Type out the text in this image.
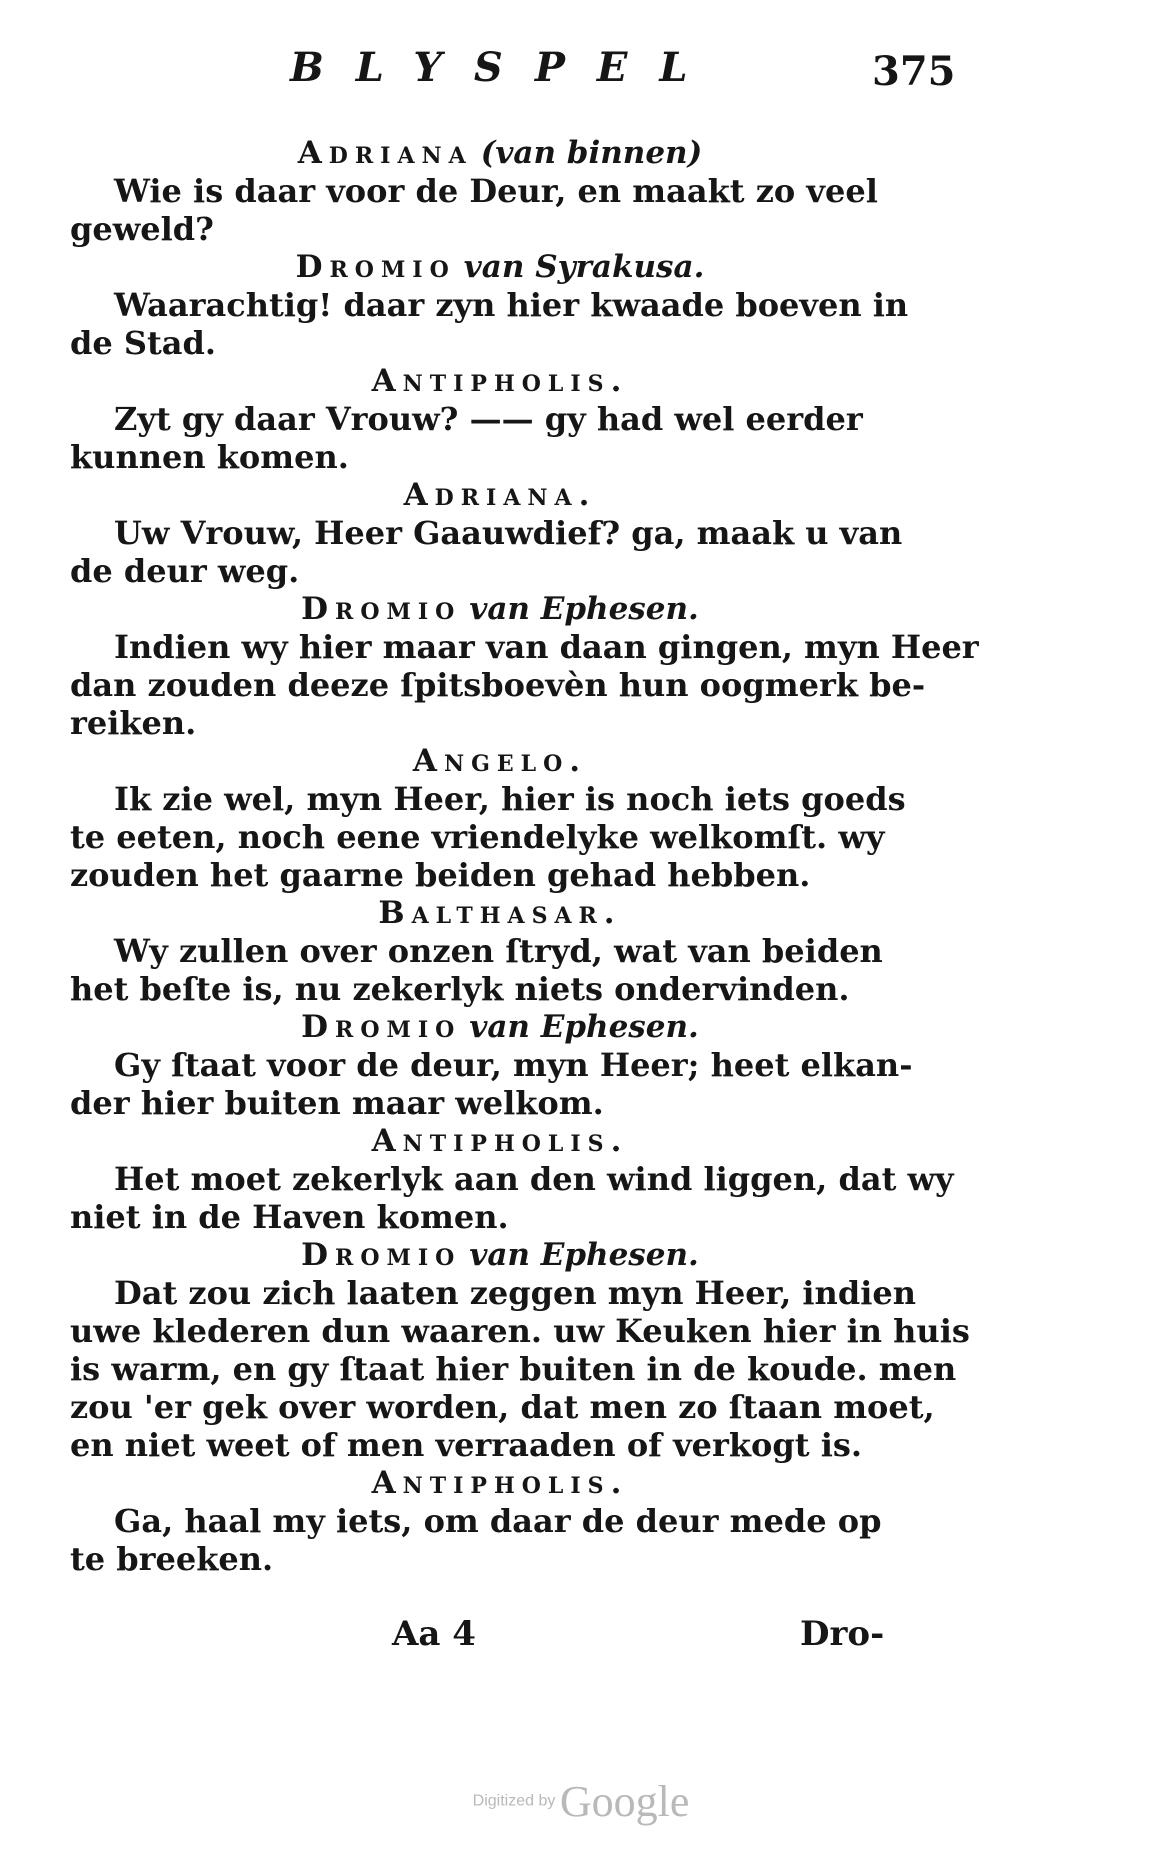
BLYSPEL	375

Adriana (van binnen)

Wie is daar voor de Deur, en maakt zo veel
geweld?

Dromio van Syrakusa.

Waarachtig! daar zyn hier kwaade boeven in
de Stad.

Antipholis.

Zyt gy daar Vrouw? —— gy had wel eerder
kunnen komen.

Adriana.

Uw Vrouw, Heer Gaauwdief? ga, maak u van
de deur weg.

Dromio van Ephesen.

Indien wy hier maar van daan gingen, myn Heer
dan zouden deeze ſpitsboevèn hun oogmerk be-
reiken.

Angelo.

Ik zie wel, myn Heer, hier is noch iets goeds
te eeten, noch eene vriendelyke welkomſt. wy
zouden het gaarne beiden gehad hebben.

Balthasar.

Wy zullen over onzen ſtryd, wat van beiden
het beſte is, nu zekerlyk niets ondervinden.

Dromio van Ephesen.

Gy ſtaat voor de deur, myn Heer; heet elkan-
der hier buiten maar welkom.

Antipholis.

Het moet zekerlyk aan den wind liggen, dat wy
niet in de Haven komen.

Dromio van Ephesen.

Dat zou zich laaten zeggen myn Heer, indien
uwe klederen dun waaren. uw Keuken hier in huis
is warm, en gy ſtaat hier buiten in de koude. men
zou 'er gek over worden, dat men zo ſtaan moet,
en niet weet of men verraaden of verkogt is.

Antipholis.

Ga, haal my iets, om daar de deur mede op
te breeken.

Aa 4	Dro-
Digitized by Google
